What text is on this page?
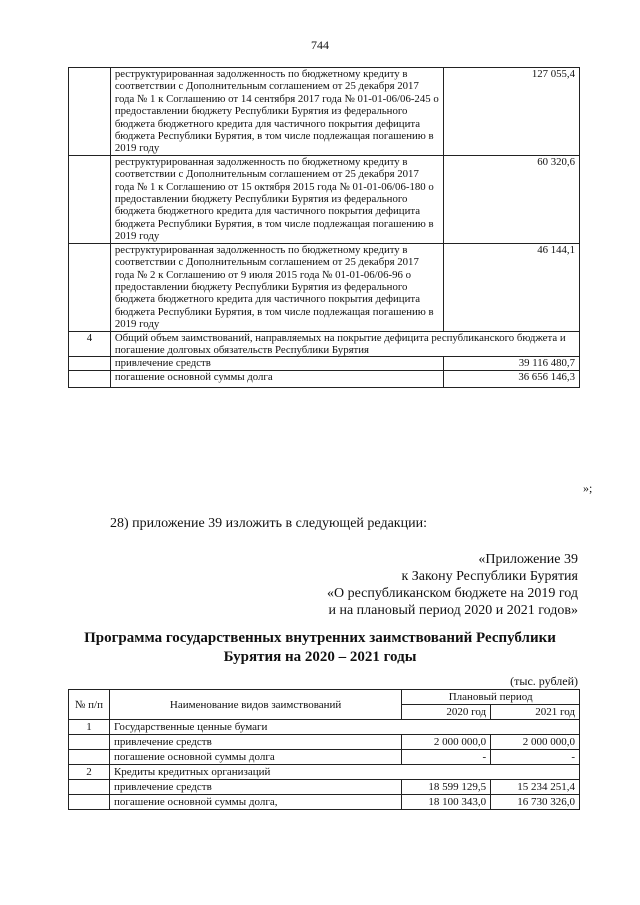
744
	реструктурированная задолженность по бюджетному кредиту в соответствии с Дополнительным соглашением от 25 декабря 2017 года № 1 к Соглашению от 14 сентября 2017 года № 01-01-06/06-245 о предоставлении бюджету Республики Бурятия из федерального бюджета бюджетного кредита для частичного покрытия дефицита бюджета Республики Бурятия, в том числе подлежащая погашению в 2019 году	127 055,4
	реструктурированная задолженность по бюджетному кредиту в соответствии с Дополнительным соглашением от 25 декабря 2017 года № 1 к Соглашению от 15 октября 2015 года № 01-01-06/06-180 о предоставлении бюджету Республики Бурятия из федерального бюджета бюджетного кредита для частичного покрытия дефицита бюджета Республики Бурятия, в том числе подлежащая погашению в 2019 году	60 320,6
	реструктурированная задолженность по бюджетному кредиту в соответствии с Дополнительным соглашением от 25 декабря 2017 года № 2 к Соглашению от 9 июля 2015 года № 01-01-06/06-96 о предоставлении бюджету Республики Бурятия из федерального бюджета бюджетного кредита для частичного покрытия дефицита бюджета Республики Бурятия, в том числе подлежащая погашению в 2019 году	46 144,1
4	Общий объем заимствований, направляемых на покрытие дефицита республиканского бюджета и погашение долговых обязательств Республики Бурятия	
	привлечение средств	39 116 480,7
	погашение основной суммы долга	36 656 146,3
»;
28) приложение 39 изложить в следующей редакции:
«Приложение 39
к Закону Республики Бурятия
«О республиканском бюджете на 2019 год
и на плановый период 2020 и 2021 годов»
Программа государственных внутренних заимствований Республики Бурятия на 2020 – 2021 годы
(тыс. рублей)
№ п/п	Наименование видов заимствований	Плановый период	
		2020 год	2021 год
1	Государственные ценные бумаги		
	привлечение средств	2 000 000,0	2 000 000,0
	погашение основной суммы долга	-	-
2	Кредиты кредитных организаций		
	привлечение средств	18 599 129,5	15 234 251,4
	погашение основной суммы долга,	18 100 343,0	16 730 326,0
